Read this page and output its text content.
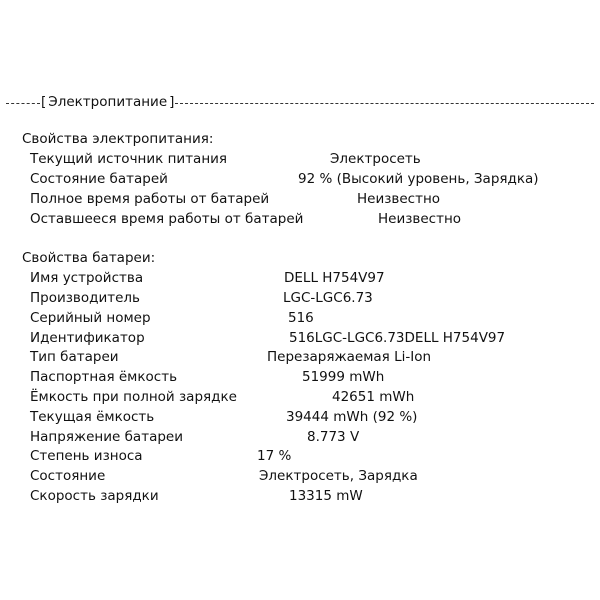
[ Электропитание ]
Свойства электропитания:
Текущий источник питания	Электросеть
Состояние батарей	92 % (Высокий уровень, Зарядка)
Полное время работы от батарей	Неизвестно
Оставшееся время работы от батарей	Неизвестно
Свойства батареи:
Имя устройства	DELL H754V97
Производитель	LGC-LGC6.73
Серийный номер	516
Идентификатор	516LGC-LGC6.73DELL H754V97
Тип батареи	Перезаряжаемая Li-Ion
Паспортная ёмкость	51999 mWh
Ёмкость при полной зарядке	42651 mWh
Текущая ёмкость	39444 mWh (92 %)
Напряжение батареи	8.773 V
Степень износа	17 %
Состояние	Электросеть, Зарядка
Скорость зарядки	13315 mW
